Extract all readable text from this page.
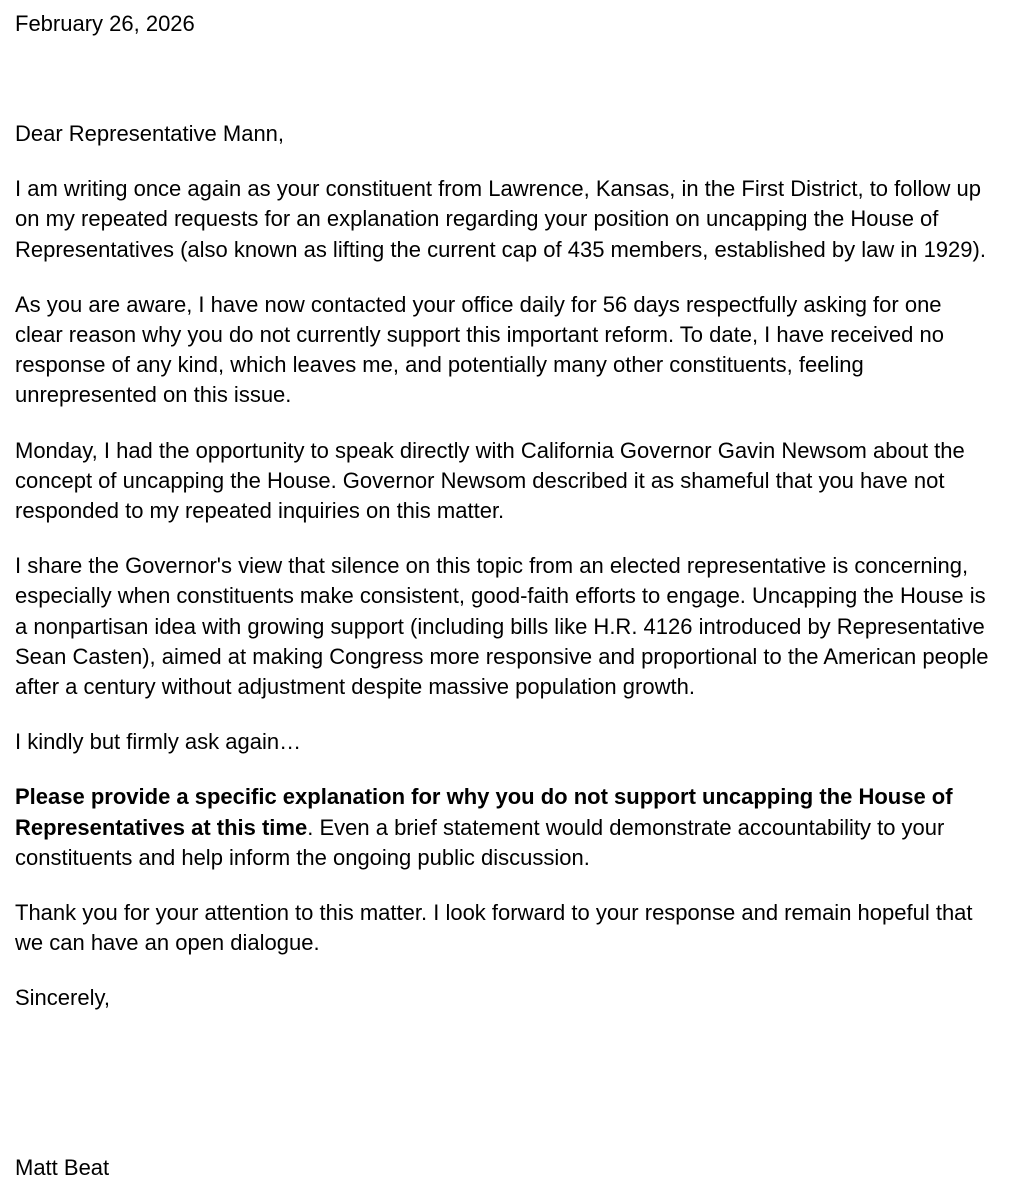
February 26, 2026

Dear Representative Mann,

I am writing once again as your constituent from Lawrence, Kansas, in the First District, to follow up on my repeated requests for an explanation regarding your position on uncapping the House of Representatives (also known as lifting the current cap of 435 members, established by law in 1929).

As you are aware, I have now contacted your office daily for 56 days respectfully asking for one clear reason why you do not currently support this important reform. To date, I have received no response of any kind, which leaves me, and potentially many other constituents, feeling unrepresented on this issue.

Monday, I had the opportunity to speak directly with California Governor Gavin Newsom about the concept of uncapping the House. Governor Newsom described it as shameful that you have not responded to my repeated inquiries on this matter.

I share the Governor's view that silence on this topic from an elected representative is concerning, especially when constituents make consistent, good-faith efforts to engage. Uncapping the House is a nonpartisan idea with growing support (including bills like H.R. 4126 introduced by Representative Sean Casten), aimed at making Congress more responsive and proportional to the American people after a century without adjustment despite massive population growth.

I kindly but firmly ask again…

Please provide a specific explanation for why you do not support uncapping the House of Representatives at this time. Even a brief statement would demonstrate accountability to your constituents and help inform the ongoing public discussion.

Thank you for your attention to this matter. I look forward to your response and remain hopeful that we can have an open dialogue.

Sincerely,

Matt Beat
